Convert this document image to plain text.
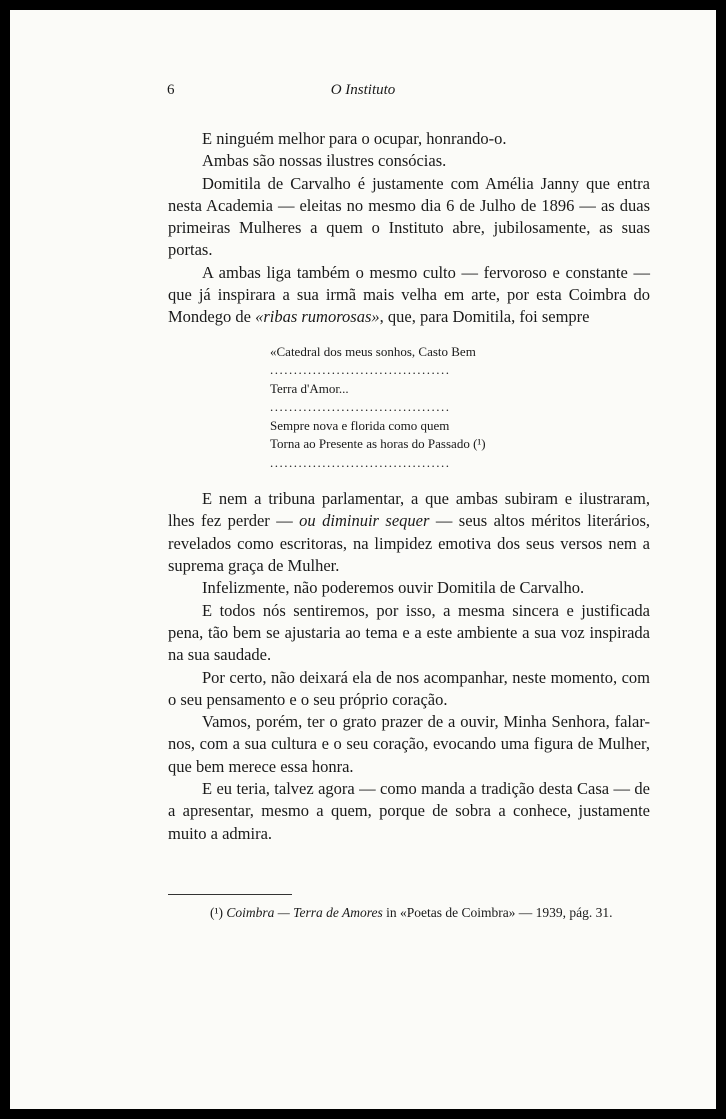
6	O Instituto

E ninguém melhor para o ocupar, honrando-o.

Ambas são nossas ilustres consócias.

Domitila de Carvalho é justamente com Amélia Janny que entra nesta Academia — eleitas no mesmo dia 6 de Julho de 1896 — as duas primeiras Mulheres a quem o Instituto abre, jubilosamente, as suas portas.

A ambas liga também o mesmo culto — fervoroso e constante — que já inspirara a sua irmã mais velha em arte, por esta Coimbra do Mondego de «ribas rumorosas», que, para Domitila, foi sempre

«Catedral dos meus sonhos, Casto Bem
......................................
Terra d'Amor...
......................................
Sempre nova e florida como quem
Torna ao Presente as horas do Passado (¹)
......................................

E nem a tribuna parlamentar, a que ambas subiram e ilustraram, lhes fez perder — ou diminuir sequer — seus altos méritos literários, revelados como escritoras, na limpidez emotiva dos seus versos nem a suprema graça de Mulher.

Infelizmente, não poderemos ouvir Domitila de Carvalho.

E todos nós sentiremos, por isso, a mesma sincera e justificada pena, tão bem se ajustaria ao tema e a este ambiente a sua voz inspirada na sua saudade.

Por certo, não deixará ela de nos acompanhar, neste momento, com o seu pensamento e o seu próprio coração.

Vamos, porém, ter o grato prazer de a ouvir, Minha Senhora, falar-nos, com a sua cultura e o seu coração, evocando uma figura de Mulher, que bem merece essa honra.

E eu teria, talvez agora — como manda a tradição desta Casa — de a apresentar, mesmo a quem, porque de sobra a conhece, justamente muito a admira.

(¹) Coimbra — Terra de Amores in «Poetas de Coimbra» — 1939, pág. 31.
